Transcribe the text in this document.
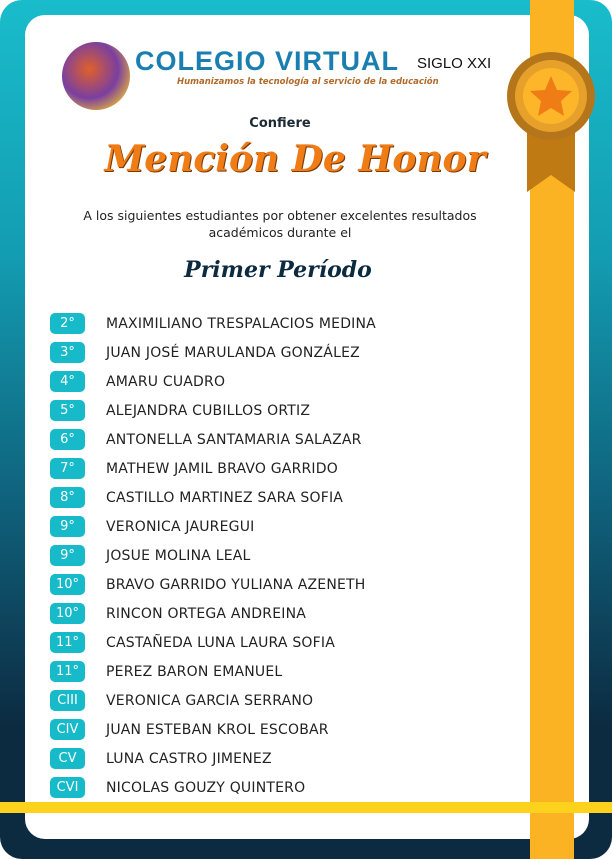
COLEGIO VIRTUAL SIGLO XXI
Humanizamos la tecnología al servicio de la educación
Confiere
Mención De Honor
A los siguientes estudiantes por obtener excelentes resultados académicos durante el
Primer Período
2°	MAXIMILIANO TRESPALACIOS MEDINA
3°	JUAN JOSÉ MARULANDA GONZÁLEZ
4°	AMARU CUADRO
5°	ALEJANDRA CUBILLOS ORTIZ
6°	ANTONELLA SANTAMARIA SALAZAR
7°	MATHEW JAMIL BRAVO GARRIDO
8°	CASTILLO MARTINEZ SARA SOFIA
9°	VERONICA JAUREGUI
9°	JOSUE MOLINA LEAL
10°	BRAVO GARRIDO YULIANA AZENETH
10°	RINCON ORTEGA ANDREINA
11°	CASTAÑEDA LUNA LAURA SOFIA
11°	PEREZ BARON EMANUEL
CIII	VERONICA GARCIA SERRANO
CIV	JUAN ESTEBAN KROL ESCOBAR
CV	LUNA CASTRO JIMENEZ
CVI	NICOLAS GOUZY QUINTERO
